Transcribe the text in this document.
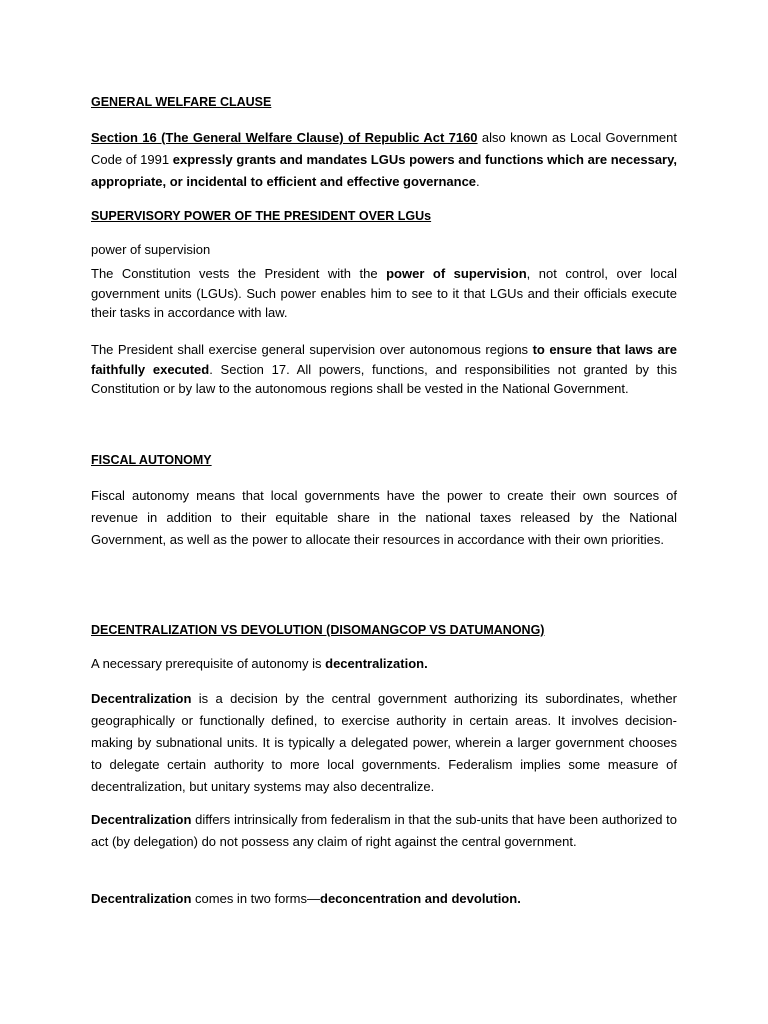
GENERAL WELFARE CLAUSE

Section 16 (The General Welfare Clause) of Republic Act 7160 also known as Local Government Code of 1991 expressly grants and mandates LGUs powers and functions which are necessary, appropriate, or incidental to efficient and effective governance.

SUPERVISORY POWER OF THE PRESIDENT OVER LGUs

power of supervision

The Constitution vests the President with the power of supervision, not control, over local government units (LGUs). Such power enables him to see to it that LGUs and their officials execute their tasks in accordance with law.

The President shall exercise general supervision over autonomous regions to ensure that laws are faithfully executed. Section 17. All powers, functions, and responsibilities not granted by this Constitution or by law to the autonomous regions shall be vested in the National Government.

FISCAL AUTONOMY

Fiscal autonomy means that local governments have the power to create their own sources of revenue in addition to their equitable share in the national taxes released by the National Government, as well as the power to allocate their resources in accordance with their own priorities.

DECENTRALIZATION VS DEVOLUTION (DISOMANGCOP VS DATUMANONG)

A necessary prerequisite of autonomy is decentralization.

Decentralization is a decision by the central government authorizing its subordinates, whether geographically or functionally defined, to exercise authority in certain areas. It involves decision-making by subnational units. It is typically a delegated power, wherein a larger government chooses to delegate certain authority to more local governments. Federalism implies some measure of decentralization, but unitary systems may also decentralize.

Decentralization differs intrinsically from federalism in that the sub-units that have been authorized to act (by delegation) do not possess any claim of right against the central government.

Decentralization comes in two forms—deconcentration and devolution.
